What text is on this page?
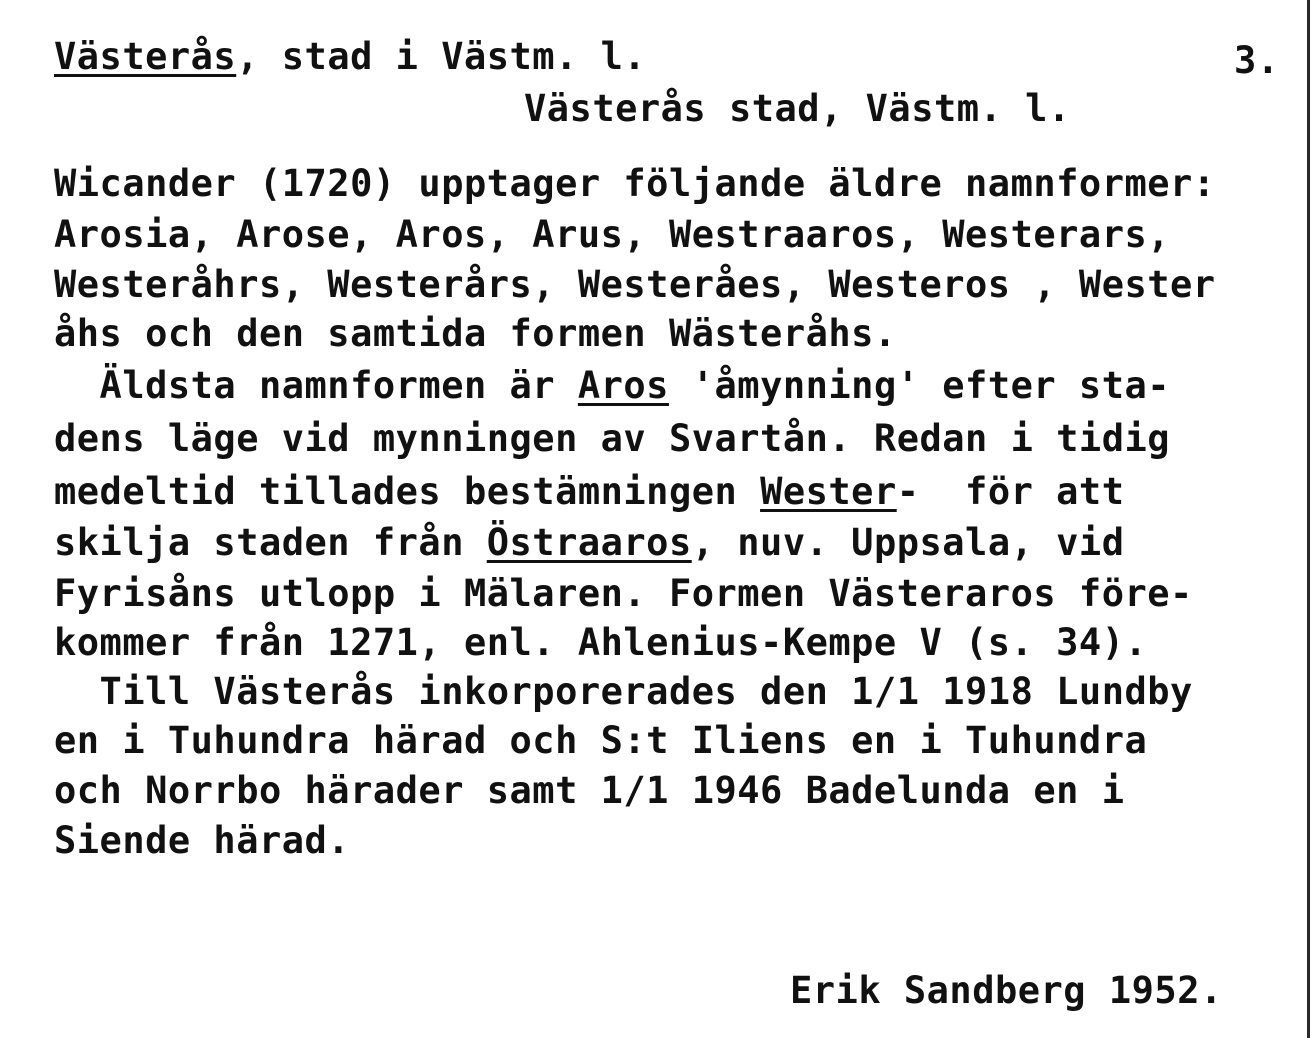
Västerås, stad i Västm. l.	3.
Västerås stad, Västm. l.
Wicander (1720) upptager följande äldre namnformer:
Arosia, Arose, Aros, Arus, Westraaros, Westerars,
Westeråhrs, Westerårs, Westeråes, Westeros , Wester
åhs och den samtida formen Wästeråhs.
Äldsta namnformen är Aros 'åmynning' efter sta-
dens läge vid mynningen av Svartån. Redan i tidig
medeltid tillades bestämningen Wester-  för att
skilja staden från Östraaros, nuv. Uppsala, vid
Fyrisåns utlopp i Mälaren. Formen Västeraros före-
kommer från 1271, enl. Ahlenius-Kempe V (s. 34).
Till Västerås inkorporerades den 1/1 1918 Lundby
en i Tuhundra härad och S:t Iliens en i Tuhundra
och Norrbo härader samt 1/1 1946 Badelunda en i
Siende härad.
Erik Sandberg 1952.
